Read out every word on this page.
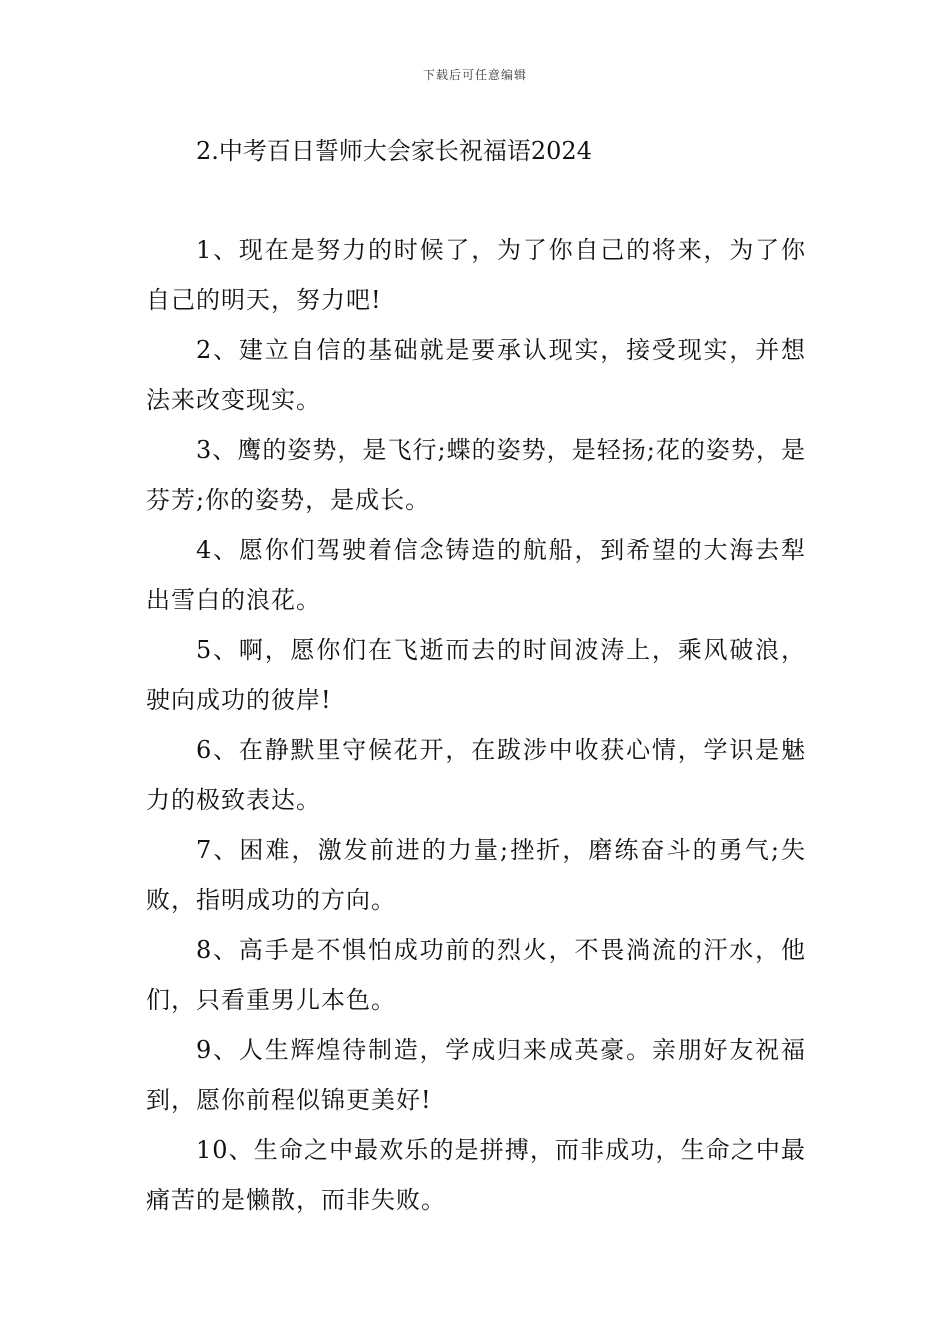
下载后可任意编辑
2.中考百日誓师大会家长祝福语2024

1、现在是努力的时候了，为了你自己的将来，为了你自己的明天，努力吧!

2、建立自信的基础就是要承认现实，接受现实，并想法来改变现实。

3、鹰的姿势，是飞行;蝶的姿势，是轻扬;花的姿势，是芬芳;你的姿势，是成长。

4、愿你们驾驶着信念铸造的航船，到希望的大海去犁出雪白的浪花。

5、啊，愿你们在飞逝而去的时间波涛上，乘风破浪，驶向成功的彼岸!

6、在静默里守候花开，在跋涉中收获心情，学识是魅力的极致表达。

7、困难，激发前进的力量;挫折，磨练奋斗的勇气;失败，指明成功的方向。

8、高手是不惧怕成功前的烈火，不畏淌流的汗水，他们，只看重男儿本色。

9、人生辉煌待制造，学成归来成英豪。亲朋好友祝福到，愿你前程似锦更美好!

10、生命之中最欢乐的是拼搏，而非成功，生命之中最痛苦的是懒散，而非失败。
